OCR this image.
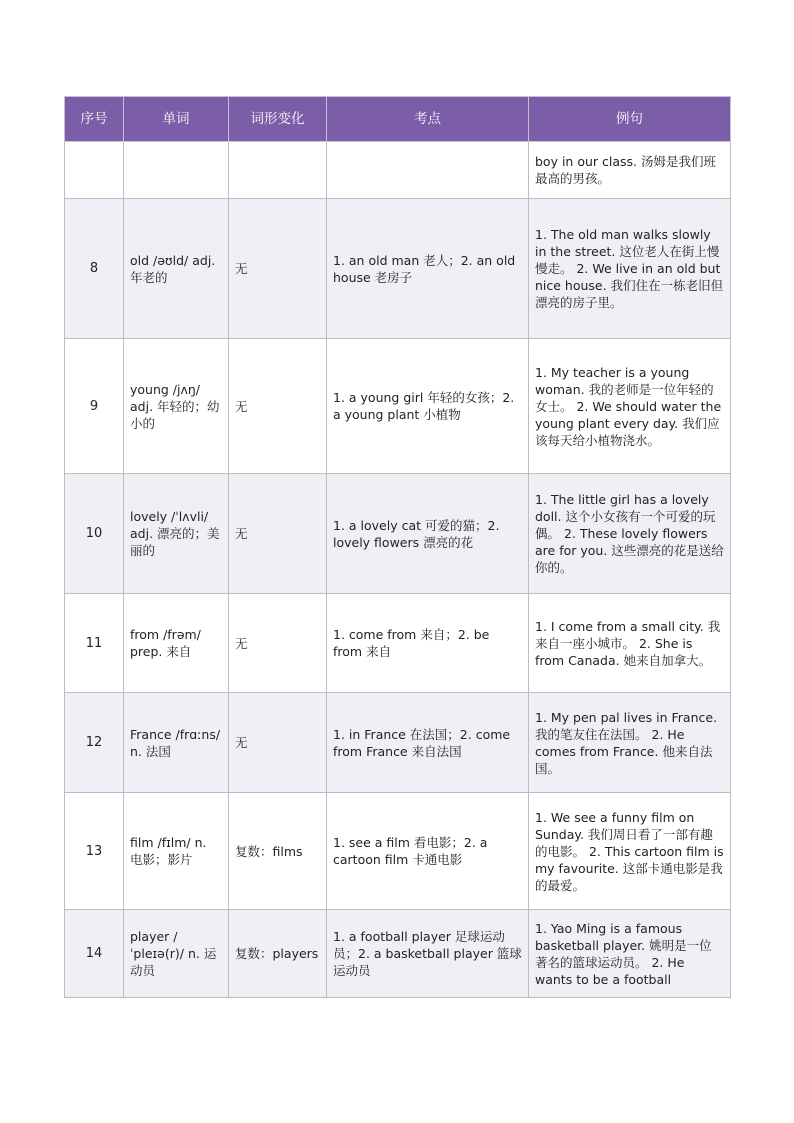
序号	单词	词形变化	考点	例句
				boy in our class. 汤姆是我们班最高的男孩。
8	old /əʊld/ adj. 年老的	无	1. an old man 老人；2. an old house 老房子	1. The old man walks slowly in the street. 这位老人在街上慢慢走。 2. We live in an old but nice house. 我们住在一栋老旧但漂亮的房子里。
9	young /jʌŋ/ adj. 年轻的；幼小的	无	1. a young girl 年轻的女孩；2. a young plant 小植物	1. My teacher is a young woman. 我的老师是一位年轻的女士。 2. We should water the young plant every day. 我们应该每天给小植物浇水。
10	lovely /ˈlʌvli/ adj. 漂亮的；美丽的	无	1. a lovely cat 可爱的猫；2. lovely flowers 漂亮的花	1. The little girl has a lovely doll. 这个小女孩有一个可爱的玩偶。 2. These lovely flowers are for you. 这些漂亮的花是送给你的。
11	from /frəm/ prep. 来自	无	1. come from 来自；2. be from 来自	1. I come from a small city. 我来自一座小城市。 2. She is from Canada. 她来自加拿大。
12	France /frɑːns/ n. 法国	无	1. in France 在法国；2. come from France 来自法国	1. My pen pal lives in France. 我的笔友住在法国。 2. He comes from France. 他来自法国。
13	film /fɪlm/ n. 电影；影片	复数：films	1. see a film 看电影；2. a cartoon film 卡通电影	1. We see a funny film on Sunday. 我们周日看了一部有趣的电影。 2. This cartoon film is my favourite. 这部卡通电影是我的最爱。
14	player /ˈpleɪə(r)/ n. 运动员	复数：players	1. a football player 足球运动员；2. a basketball player 篮球运动员	1. Yao Ming is a famous basketball player. 姚明是一位著名的篮球运动员。 2. He wants to be a football
